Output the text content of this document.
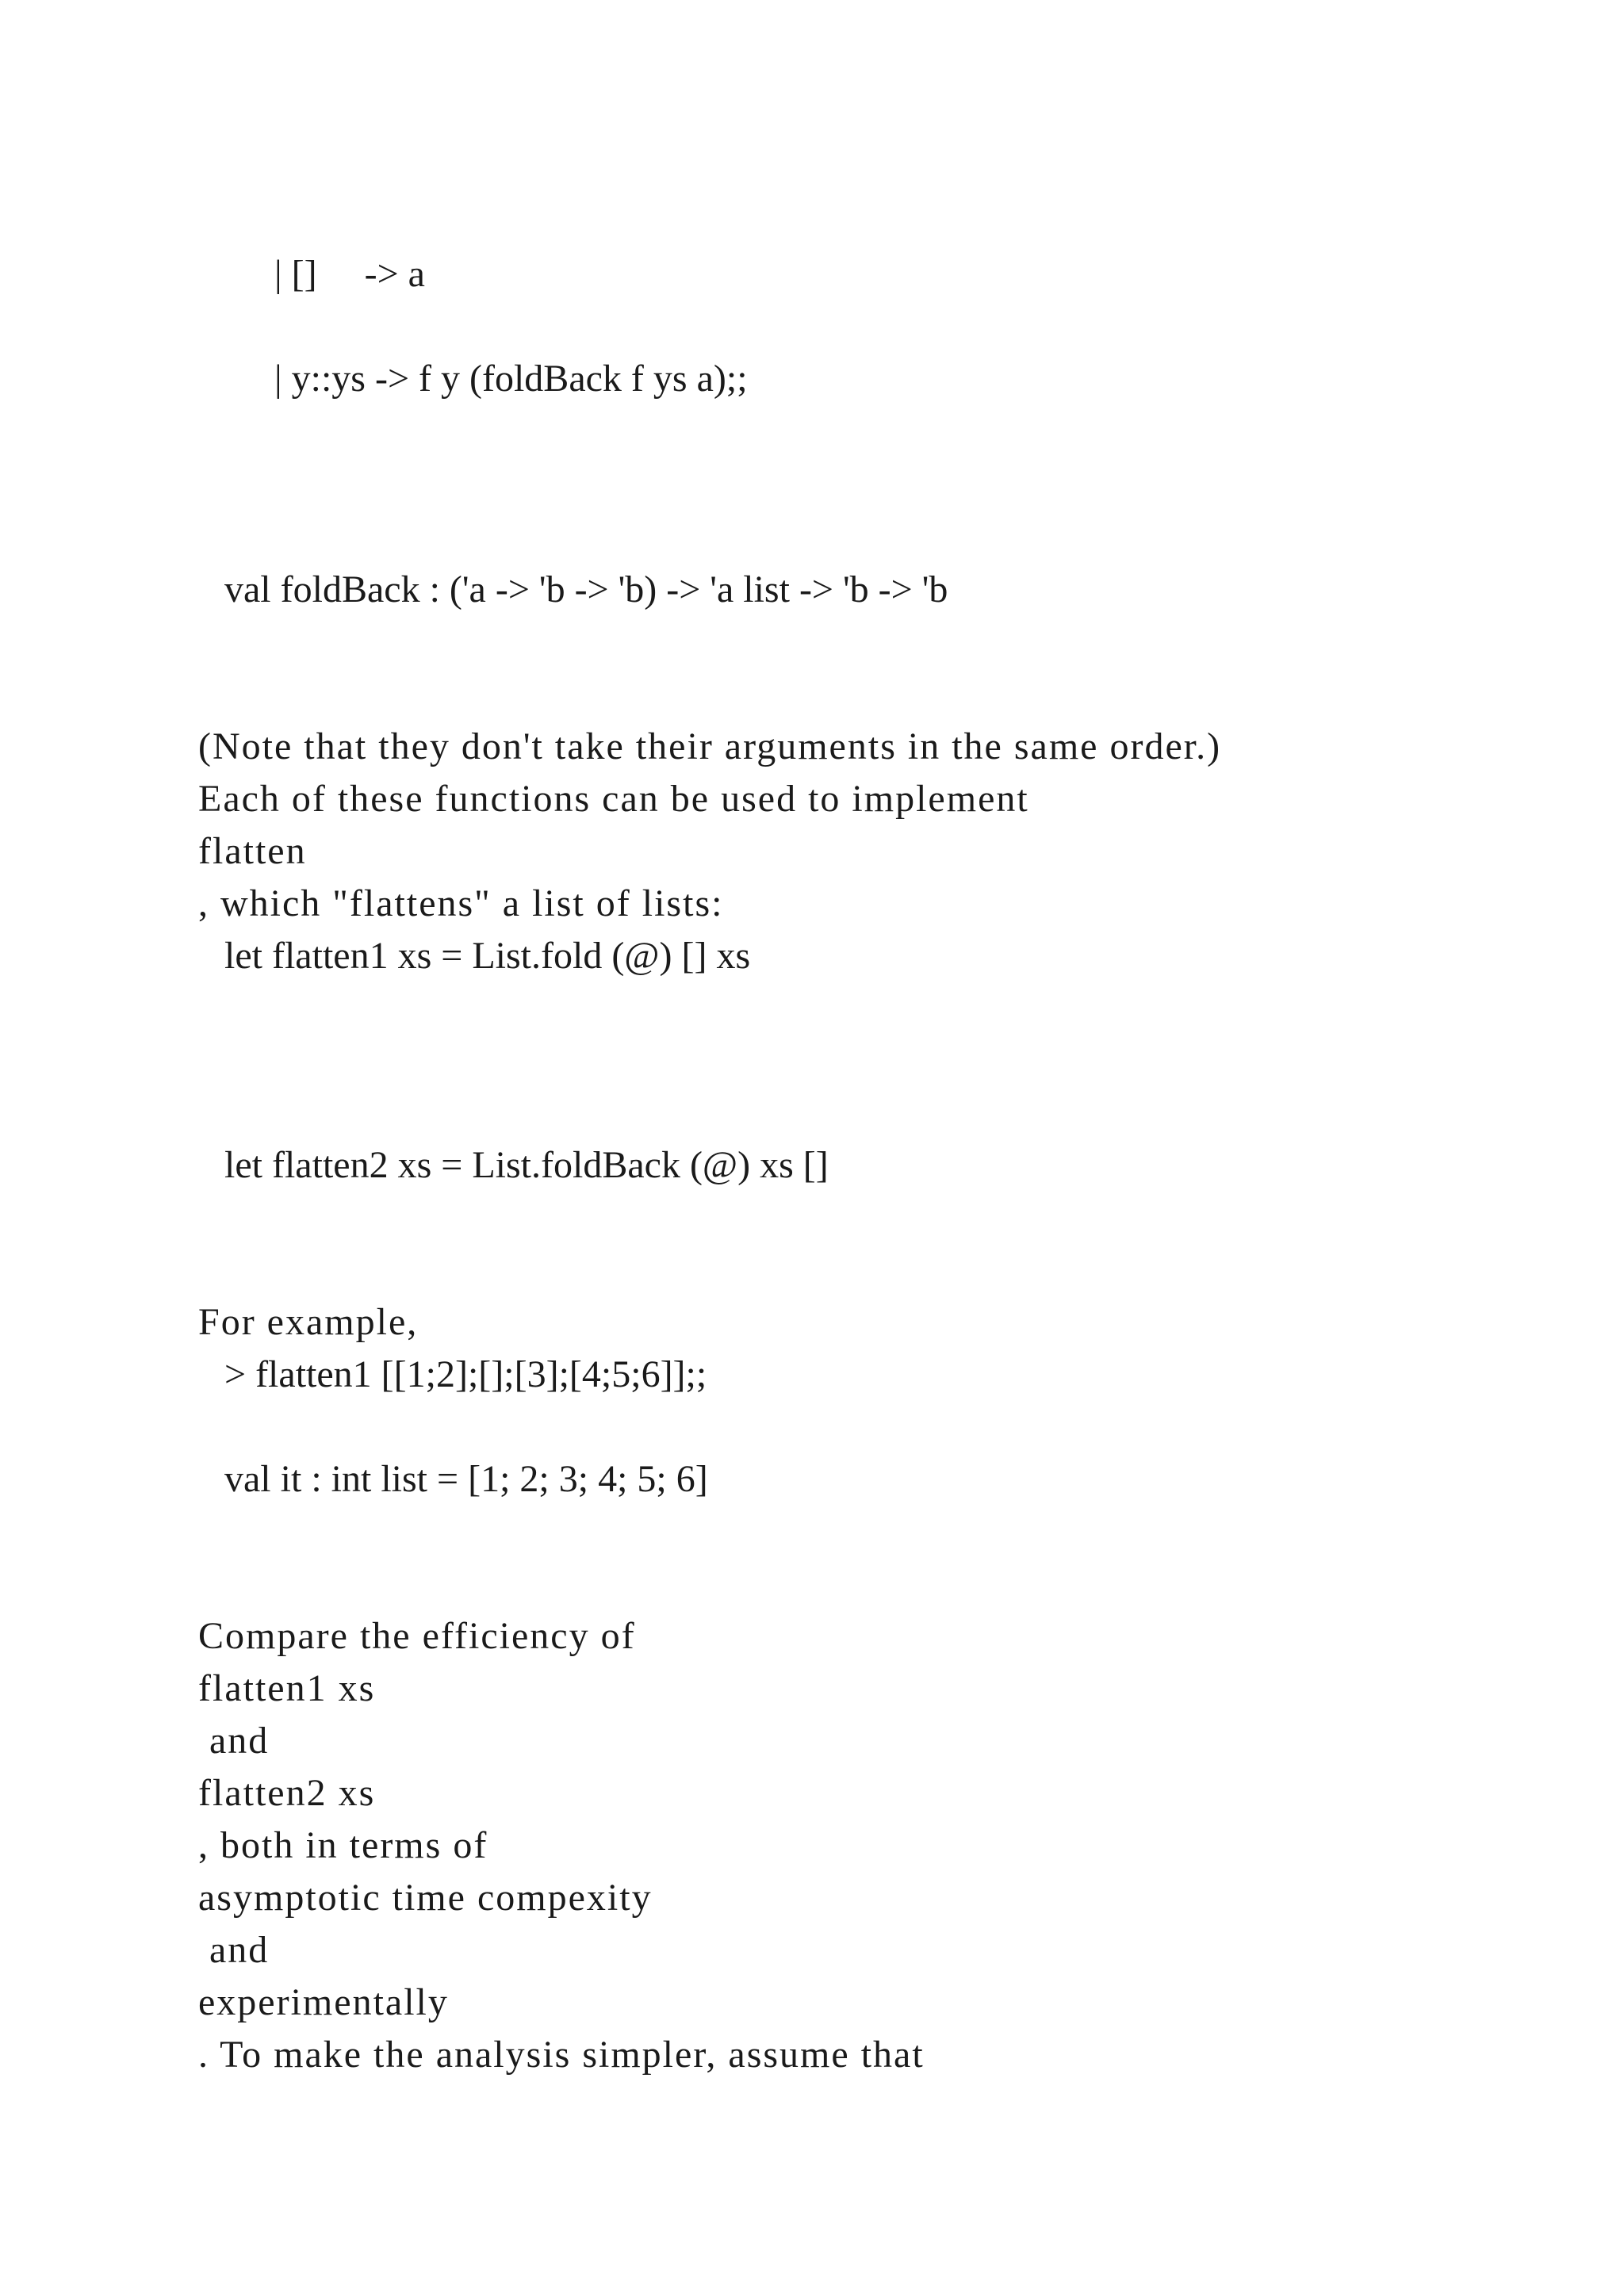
| []     -> a
| y::ys -> f y (foldBack f ys a);;
val foldBack : ('a -> 'b -> 'b) -> 'a list -> 'b -> 'b
(Note that they don't take their arguments in the same order.)
Each of these functions can be used to implement
flatten
, which "flattens" a list of lists:
let flatten1 xs = List.fold (@) [] xs
let flatten2 xs = List.foldBack (@) xs []
For example,
> flatten1 [[1;2];[];[3];[4;5;6]];;
val it : int list = [1; 2; 3; 4; 5; 6]
Compare the efficiency of
flatten1 xs
and
flatten2 xs
, both in terms of
asymptotic time compexity
and
experimentally
. To make the analysis simpler, assume that
